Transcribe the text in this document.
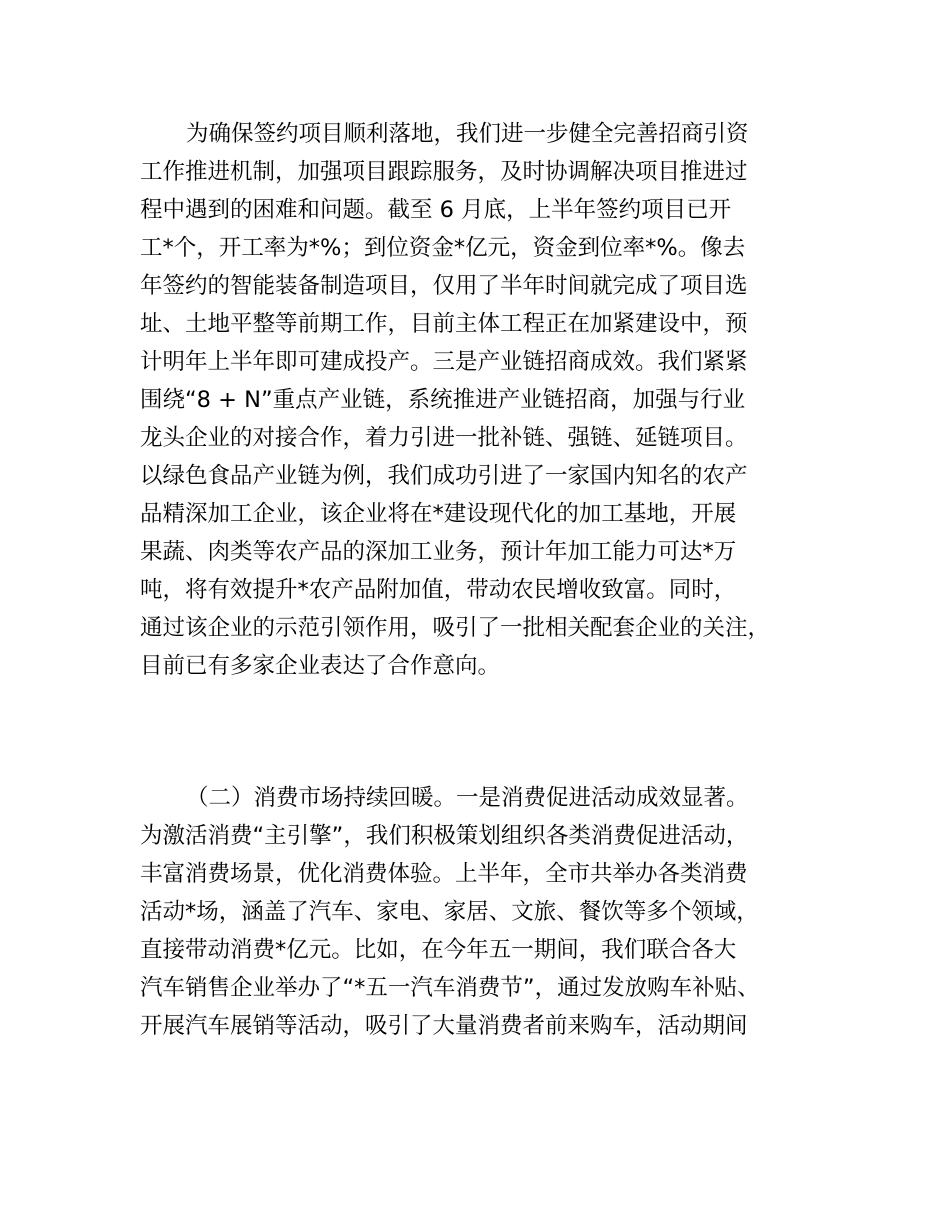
为确保签约项目顺利落地，我们进一步健全完善招商引资
工作推进机制，加强项目跟踪服务，及时协调解决项目推进过
程中遇到的困难和问题。截至 6 月底，上半年签约项目已开
工*个，开工率为*%；到位资金*亿元，资金到位率*%。像去
年签约的智能装备制造项目，仅用了半年时间就完成了项目选
址、土地平整等前期工作，目前主体工程正在加紧建设中，预
计明年上半年即可建成投产。三是产业链招商成效。我们紧紧
围绕“8 + N”重点产业链，系统推进产业链招商，加强与行业
龙头企业的对接合作，着力引进一批补链、强链、延链项目。
以绿色食品产业链为例，我们成功引进了一家国内知名的农产
品精深加工企业，该企业将在*建设现代化的加工基地，开展
果蔬、肉类等农产品的深加工业务，预计年加工能力可达*万
吨，将有效提升*农产品附加值，带动农民增收致富。同时，
通过该企业的示范引领作用，吸引了一批相关配套企业的关注，
目前已有多家企业表达了合作意向。
（二）消费市场持续回暖。一是消费促进活动成效显著。
为激活消费“主引擎”，我们积极策划组织各类消费促进活动，
丰富消费场景，优化消费体验。上半年，全市共举办各类消费
活动*场，涵盖了汽车、家电、家居、文旅、餐饮等多个领域，
直接带动消费*亿元。比如，在今年五一期间，我们联合各大
汽车销售企业举办了“*五一汽车消费节”，通过发放购车补贴、
开展汽车展销等活动，吸引了大量消费者前来购车，活动期间
